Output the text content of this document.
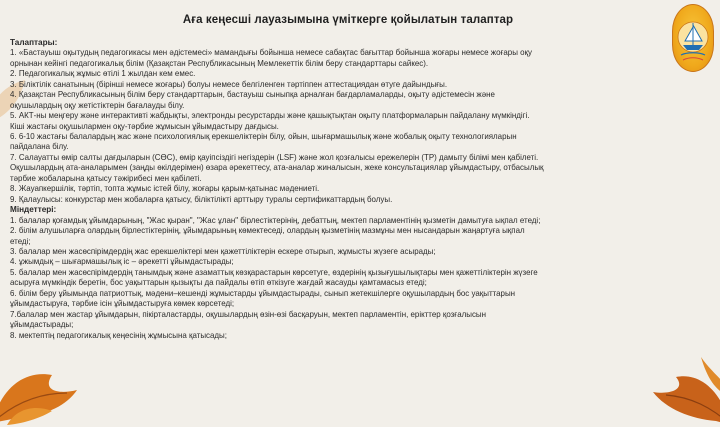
Аға кеңесші лауазымына үміткерге қойылатын талаптар
Талаптары:
1. «Бастауыш оқытудың педагогикасы мен әдістемесі» мамандығы бойынша немесе сабақтас бағыттар бойынша жоғары немесе жоғары оқу
орнынан кейінгі педагогикалық білім (Қазақстан Республикасының Мемлекеттік білім беру стандарттары сайкес).
2. Педагогикалық жұмыс өтілі 1 жылдан кем емес.
3. Біліктілік санатының (бірінші немесе жоғары) болуы немесе белгіленген тәртіппен аттестациядан өтуге дайындығы.
4. Қазақстан Республикасының білім беру стандарттарын, бастауыш сыныпқа арналған бағдарламаларды, оқыту әдістемесін және
оқушылардың оқу жетістіктерін бағалауды білу.
5. АКТ-ны меңгеру және интерактивті жабдықты, электронды ресурстарды және қашықтықтан оқыту платформаларын пайдалану мүмкіндігі.
Кіші жастағы оқушылармен оқу-тәрбие жұмысын ұйымдастыру дағдысы.
6. 6-10 жастағы балалардың жас және психологиялық ерекшеліктерін білу, ойын, шығармашылық және жобалық оқыту технологияларын
пайдалана білу.
7. Салауатты өмір салты дағдыларын (СӨС), өмір қауіпсіздігі негіздерін (LSF) және жол қозғалысы ережелерін (ТР) дамыту білімі мен қабілеті.
Оқушылардың ата-аналарымен (заңды өкілдерімен) өзара әрекеттесу, ата-аналар жиналысын, жеке консультациялар ұйымдастыру, отбасылық
тәрбие жобаларына қатысу тәжірибесі мен қабілеті.
8. Жауапкершілік, тәртіп, топта жұмыс істей білу, жоғары қарым-қатынас мәдениеті.
9. Қалаулысы: конкурстар мен жобаларға қатысу, біліктілікті арттыру туралы сертификаттардың болуы.
Міндеттері:
1. балалар қоғамдық ұйымдарының, "Жас қыран", "Жас ұлан" бірлестіктерінің, дебаттың, мектеп парламентінің қызметін дамытуға ықпал етеді;
2. білім алушыларға олардың бірлестіктерінің, ұйымдарының көмектеседі, олардың қызметінің мазмұны мен нысандарын жаңартуға ықпал
етеді;
3. балалар мен жасөспірімдердің жас ерекшеліктері мен қажеттіліктерін ескере отырып, жұмысты жүзеге асырады;
4. ұжымдық – шығармашылық іс – әрекетті ұйымдастырады;
5. балалар мен жасөспірімдердің танымдық және азаматтық көзқарастарын көрсетуге, өздерінің қызығушылықтары мен қажеттіліктерін жүзеге
асыруға мүмкіндік беретін, бос уақыттарын қызықты да пайдалы өтіп өткізуге жағдай жасауды қамтамасыз етеді;
6. білім беру ұйымында патриоттық, мәдени–кешенді жұмыстарды ұйымдастырады, сынып жетекшілерге оқушылардың бос уақыттарын
ұйымдастыруға, тәрбие ісін ұйымдастыруға көмек көрсетеді;
7.балалар мен жастар ұйымдарын, пікірталастарды, оқушылардың өзін-өзі басқаруын, мектеп парламентін, ерікттер қозғалысын
ұйымдастырады;
8. мектептің педагогикалық кеңесінің жұмысына қатысады;
